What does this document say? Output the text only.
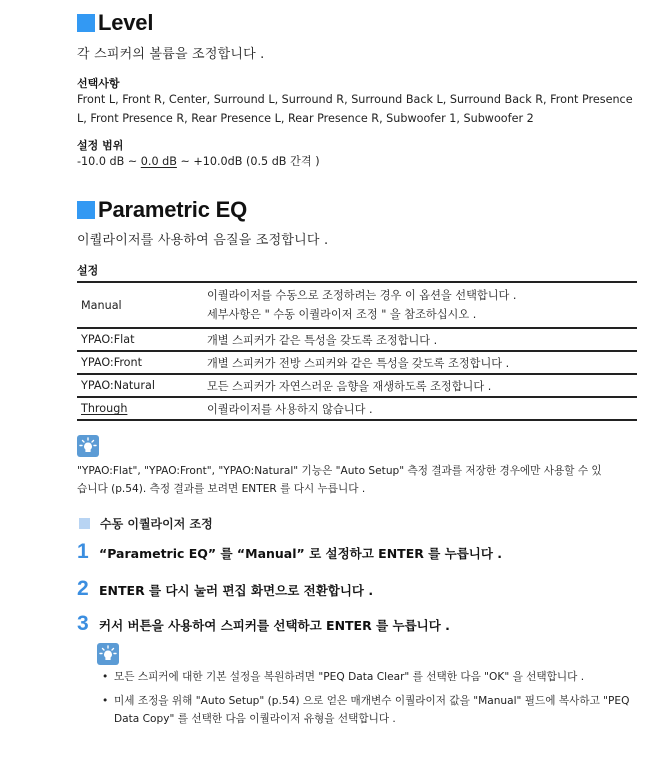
Level
각 스피커의 볼륨을 조정합니다 .
선택사항
Front L, Front R, Center, Surround L, Surround R, Surround Back L, Surround Back R, Front Presence
L, Front Presence R, Rear Presence L, Rear Presence R, Subwoofer 1, Subwoofer 2
설정 범위
-10.0 dB ~ 0.0 dB ~ +10.0dB (0.5 dB 간격 )
Parametric EQ
이퀄라이저를 사용하여 음질을 조정합니다 .
설정
Manual	이퀄라이저를 수동으로 조정하려는 경우 이 옵션을 선택합니다 .
세부사항은 " 수동 이퀄라이저 조정 " 을 참조하십시오 .

YPAO:Flat	개별 스피커가 같은 특성을 갖도록 조정합니다 .
YPAO:Front	개별 스피커가 전방 스피커와 같은 특성을 갖도록 조정합니다 .
YPAO:Natural	모든 스피커가 자연스러운 음향을 재생하도록 조정합니다 .
Through	이퀄라이저를 사용하지 않습니다 .
"YPAO:Flat", "YPAO:Front", "YPAO:Natural" 기능은 "Auto Setup" 측정 결과를 저장한 경우에만 사용할 수 있
습니다 (p.54). 측정 결과를 보려면 ENTER 를 다시 누릅니다 .
수동 이퀄라이저 조정
1 “Parametric EQ” 를 “Manual” 로 설정하고 ENTER 를 누릅니다 .
2 ENTER 를 다시 눌러 편집 화면으로 전환합니다 .
3 커서 버튼을 사용하여 스피커를 선택하고 ENTER 를 누릅니다 .
• 모든 스피커에 대한 기본 설정을 복원하려면 "PEQ Data Clear" 를 선택한 다음 "OK" 을 선택합니다 .
• 미세 조정을 위해 "Auto Setup" (p.54) 으로 얻은 매개변수 이퀄라이저 값을 "Manual" 필드에 복사하고 "PEQ Data Copy" 를 선택한 다음 이퀄라이저 유형을 선택합니다 .
